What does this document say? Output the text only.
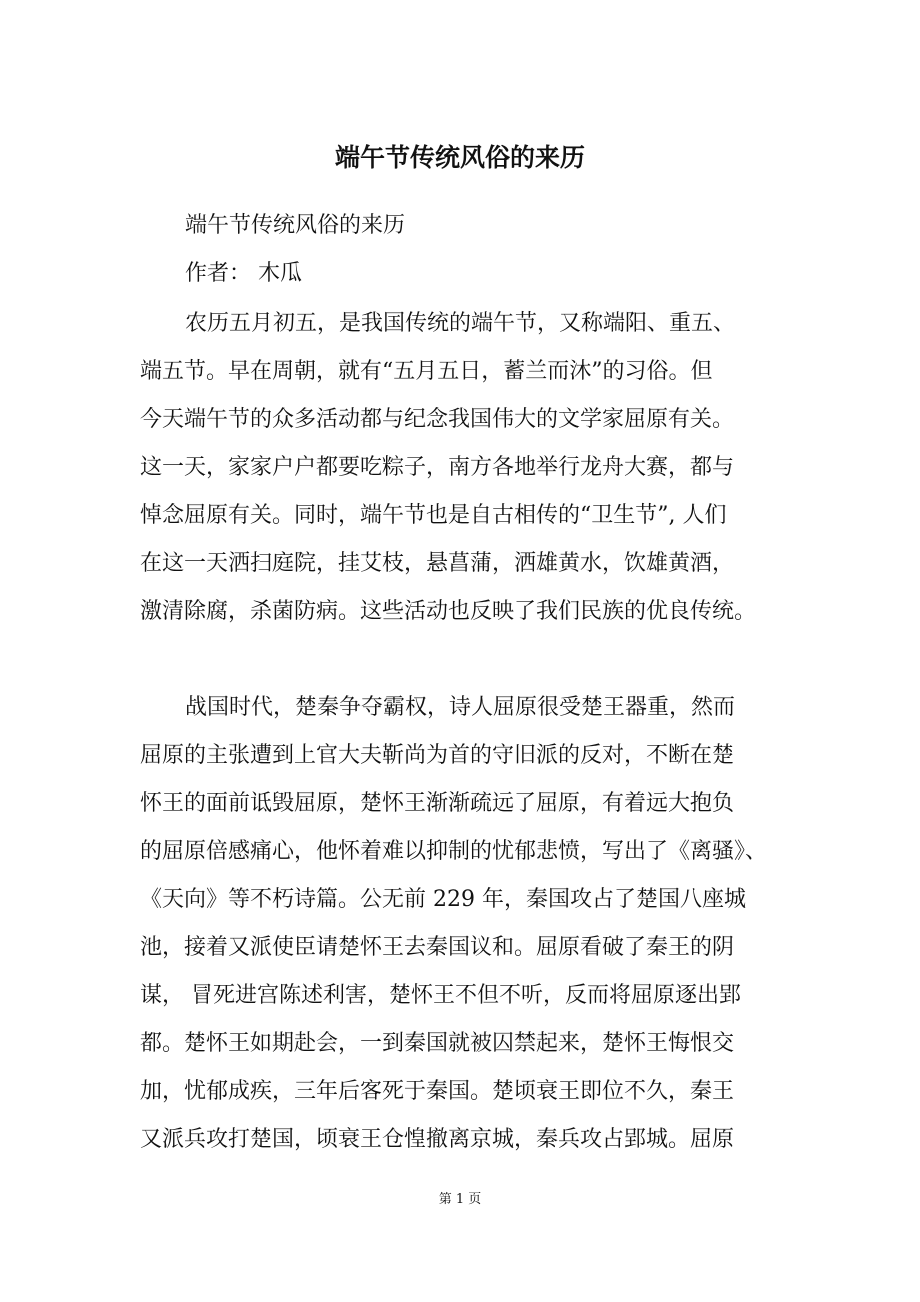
端午节传统风俗的来历
端午节传统风俗的来历
作者： 木瓜
农历五月初五，是我国传统的端午节，又称端阳、重五、
端五节。早在周朝，就有“五月五日，蓄兰而沐”的习俗。但
今天端午节的众多活动都与纪念我国伟大的文学家屈原有关。
这一天，家家户户都要吃粽子，南方各地举行龙舟大赛，都与
悼念屈原有关。同时，端午节也是自古相传的“卫生节”, 人们
在这一天洒扫庭院，挂艾枝，悬菖蒲，洒雄黄水，饮雄黄酒，
激清除腐，杀菌防病。这些活动也反映了我们民族的优良传统。
战国时代，楚秦争夺霸权，诗人屈原很受楚王器重，然而
屈原的主张遭到上官大夫靳尚为首的守旧派的反对，不断在楚
怀王的面前诋毁屈原，楚怀王渐渐疏远了屈原，有着远大抱负
的屈原倍感痛心，他怀着难以抑制的忧郁悲愤，写出了《离骚》、
《天向》等不朽诗篇。公无前 229 年，秦国攻占了楚国八座城
池，接着又派使臣请楚怀王去秦国议和。屈原看破了秦王的阴
谋， 冒死进宫陈述利害，楚怀王不但不听，反而将屈原逐出郢
都。楚怀王如期赴会，一到秦国就被囚禁起来，楚怀王悔恨交
加，忧郁成疾，三年后客死于秦国。楚顷衰王即位不久，秦王
又派兵攻打楚国，顷衰王仓惶撤离京城，秦兵攻占郢城。屈原
第 1 页
